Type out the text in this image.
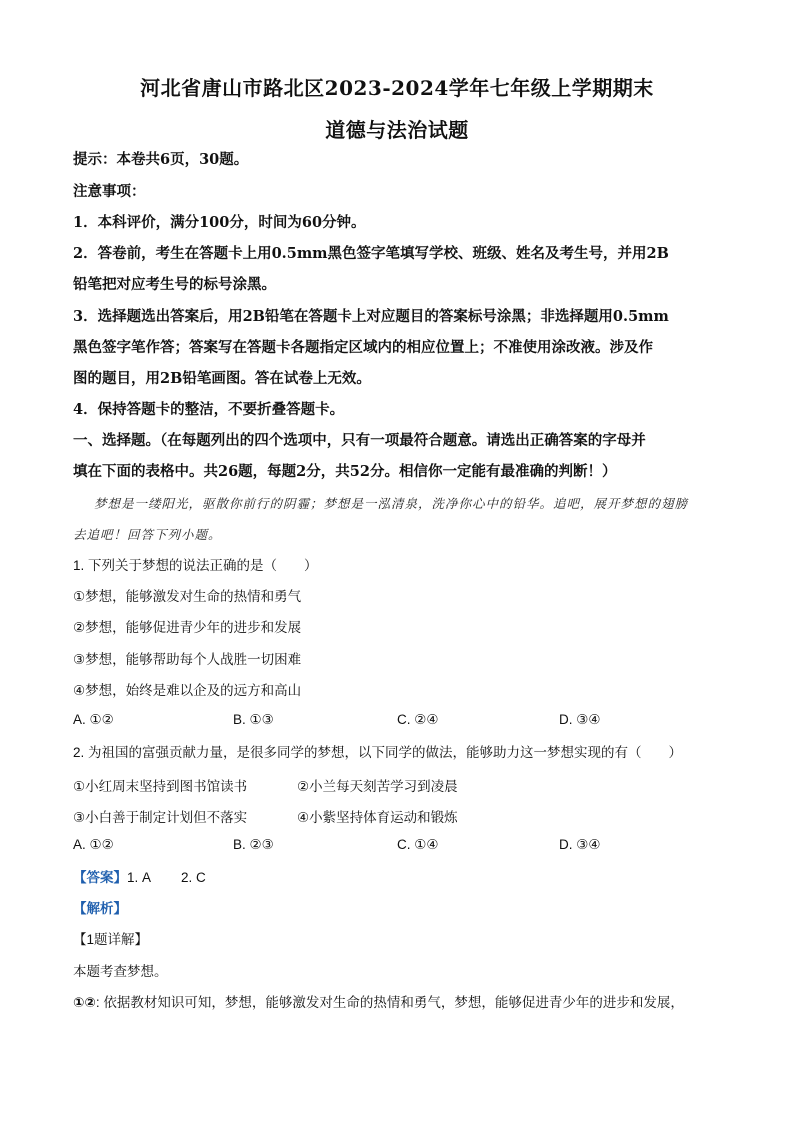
河北省唐山市路北区2023-2024学年七年级上学期期末
道德与法治试题
提示：本卷共6页，30题。
注意事项：
1．本科评价，满分100分，时间为60分钟。
2．答卷前，考生在答题卡上用0.5mm黑色签字笔填写学校、班级、姓名及考生号，并用2B
铅笔把对应考生号的标号涂黑。
3．选择题选出答案后，用2B铅笔在答题卡上对应题目的答案标号涂黑；非选择题用0.5mm
黑色签字笔作答；答案写在答题卡各题指定区域内的相应位置上；不准使用涂改液。涉及作
图的题目，用2B铅笔画图。答在试卷上无效。
4．保持答题卡的整洁，不要折叠答题卡。
一、选择题。（在每题列出的四个选项中，只有一项最符合题意。请选出正确答案的字母并
填在下面的表格中。共26题，每题2分，共52分。相信你一定能有最准确的判断！）
梦想是一缕阳光，驱散你前行的阴霾；梦想是一泓清泉，洗净你心中的铅华。追吧，展开梦想的翅膀
去追吧！回答下列小题。
1. 下列关于梦想的说法正确的是（　　）
①梦想，能够激发对生命的热情和勇气
②梦想，能够促进青少年的进步和发展
③梦想，能够帮助每个人战胜一切困难
④梦想，始终是难以企及的远方和高山
A. ①②	B. ①③	C. ②④	D. ③④
2. 为祖国的富强贡献力量，是很多同学的梦想，以下同学的做法，能够助力这一梦想实现的有（　　）
①小红周末坚持到图书馆读书	②小兰每天刻苦学习到凌晨
③小白善于制定计划但不落实	④小紫坚持体育运动和锻炼
A. ①②	B. ②③	C. ①④	D. ③④
【答案】1. A　　 2. C
【解析】
【1题详解】
本题考查梦想。
①②: 依据教材知识可知，梦想，能够激发对生命的热情和勇气，梦想，能够促进青少年的进步和发展，
